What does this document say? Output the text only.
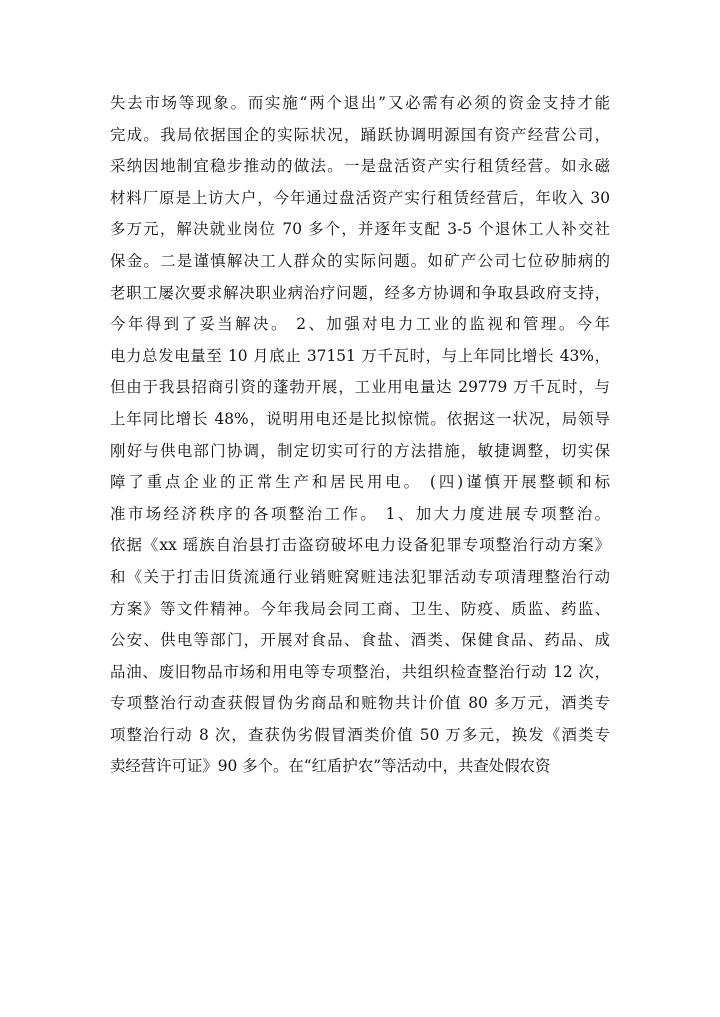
失去市场等现象。而实施“两个退出”又必需有必须的资金支持才能
完成。我局依据国企的实际状况，踊跃协调明源国有资产经营公司，
采纳因地制宜稳步推动的做法。一是盘活资产实行租赁经营。如永磁
材料厂原是上访大户，今年通过盘活资产实行租赁经营后，年收入 30
多万元，解决就业岗位 70 多个，并逐年支配 3-5 个退休工人补交社
保金。二是谨慎解决工人群众的实际问题。如矿产公司七位矽肺病的
老职工屡次要求解决职业病治疗问题，经多方协调和争取县政府支持，
今年得到了妥当解决。 2、加强对电力工业的监视和管理。今年
电力总发电量至 10 月底止 37151 万千瓦时，与上年同比增长 43%，
但由于我县招商引资的蓬勃开展，工业用电量达 29779 万千瓦时，与
上年同比增长 48%，说明用电还是比拟惊慌。依据这一状况，局领导
刚好与供电部门协调，制定切实可行的方法措施，敏捷调整，切实保
障了重点企业的正常生产和居民用电。 (四)谨慎开展整顿和标
准市场经济秩序的各项整治工作。 1、加大力度进展专项整治。
依据《xx 瑶族自治县打击盗窃破坏电力设备犯罪专项整治行动方案》
和《关于打击旧货流通行业销赃窝赃违法犯罪活动专项清理整治行动
方案》等文件精神。今年我局会同工商、卫生、防疫、质监、药监、
公安、供电等部门，开展对食品、食盐、酒类、保健食品、药品、成
品油、废旧物品市场和用电等专项整治，共组织检查整治行动 12 次，
专项整治行动查获假冒伪劣商品和赃物共计价值 80 多万元，酒类专
项整治行动 8 次，查获伪劣假冒酒类价值 50 万多元，换发《酒类专
卖经营许可证》90 多个。在“红盾护农”等活动中，共查处假农资
